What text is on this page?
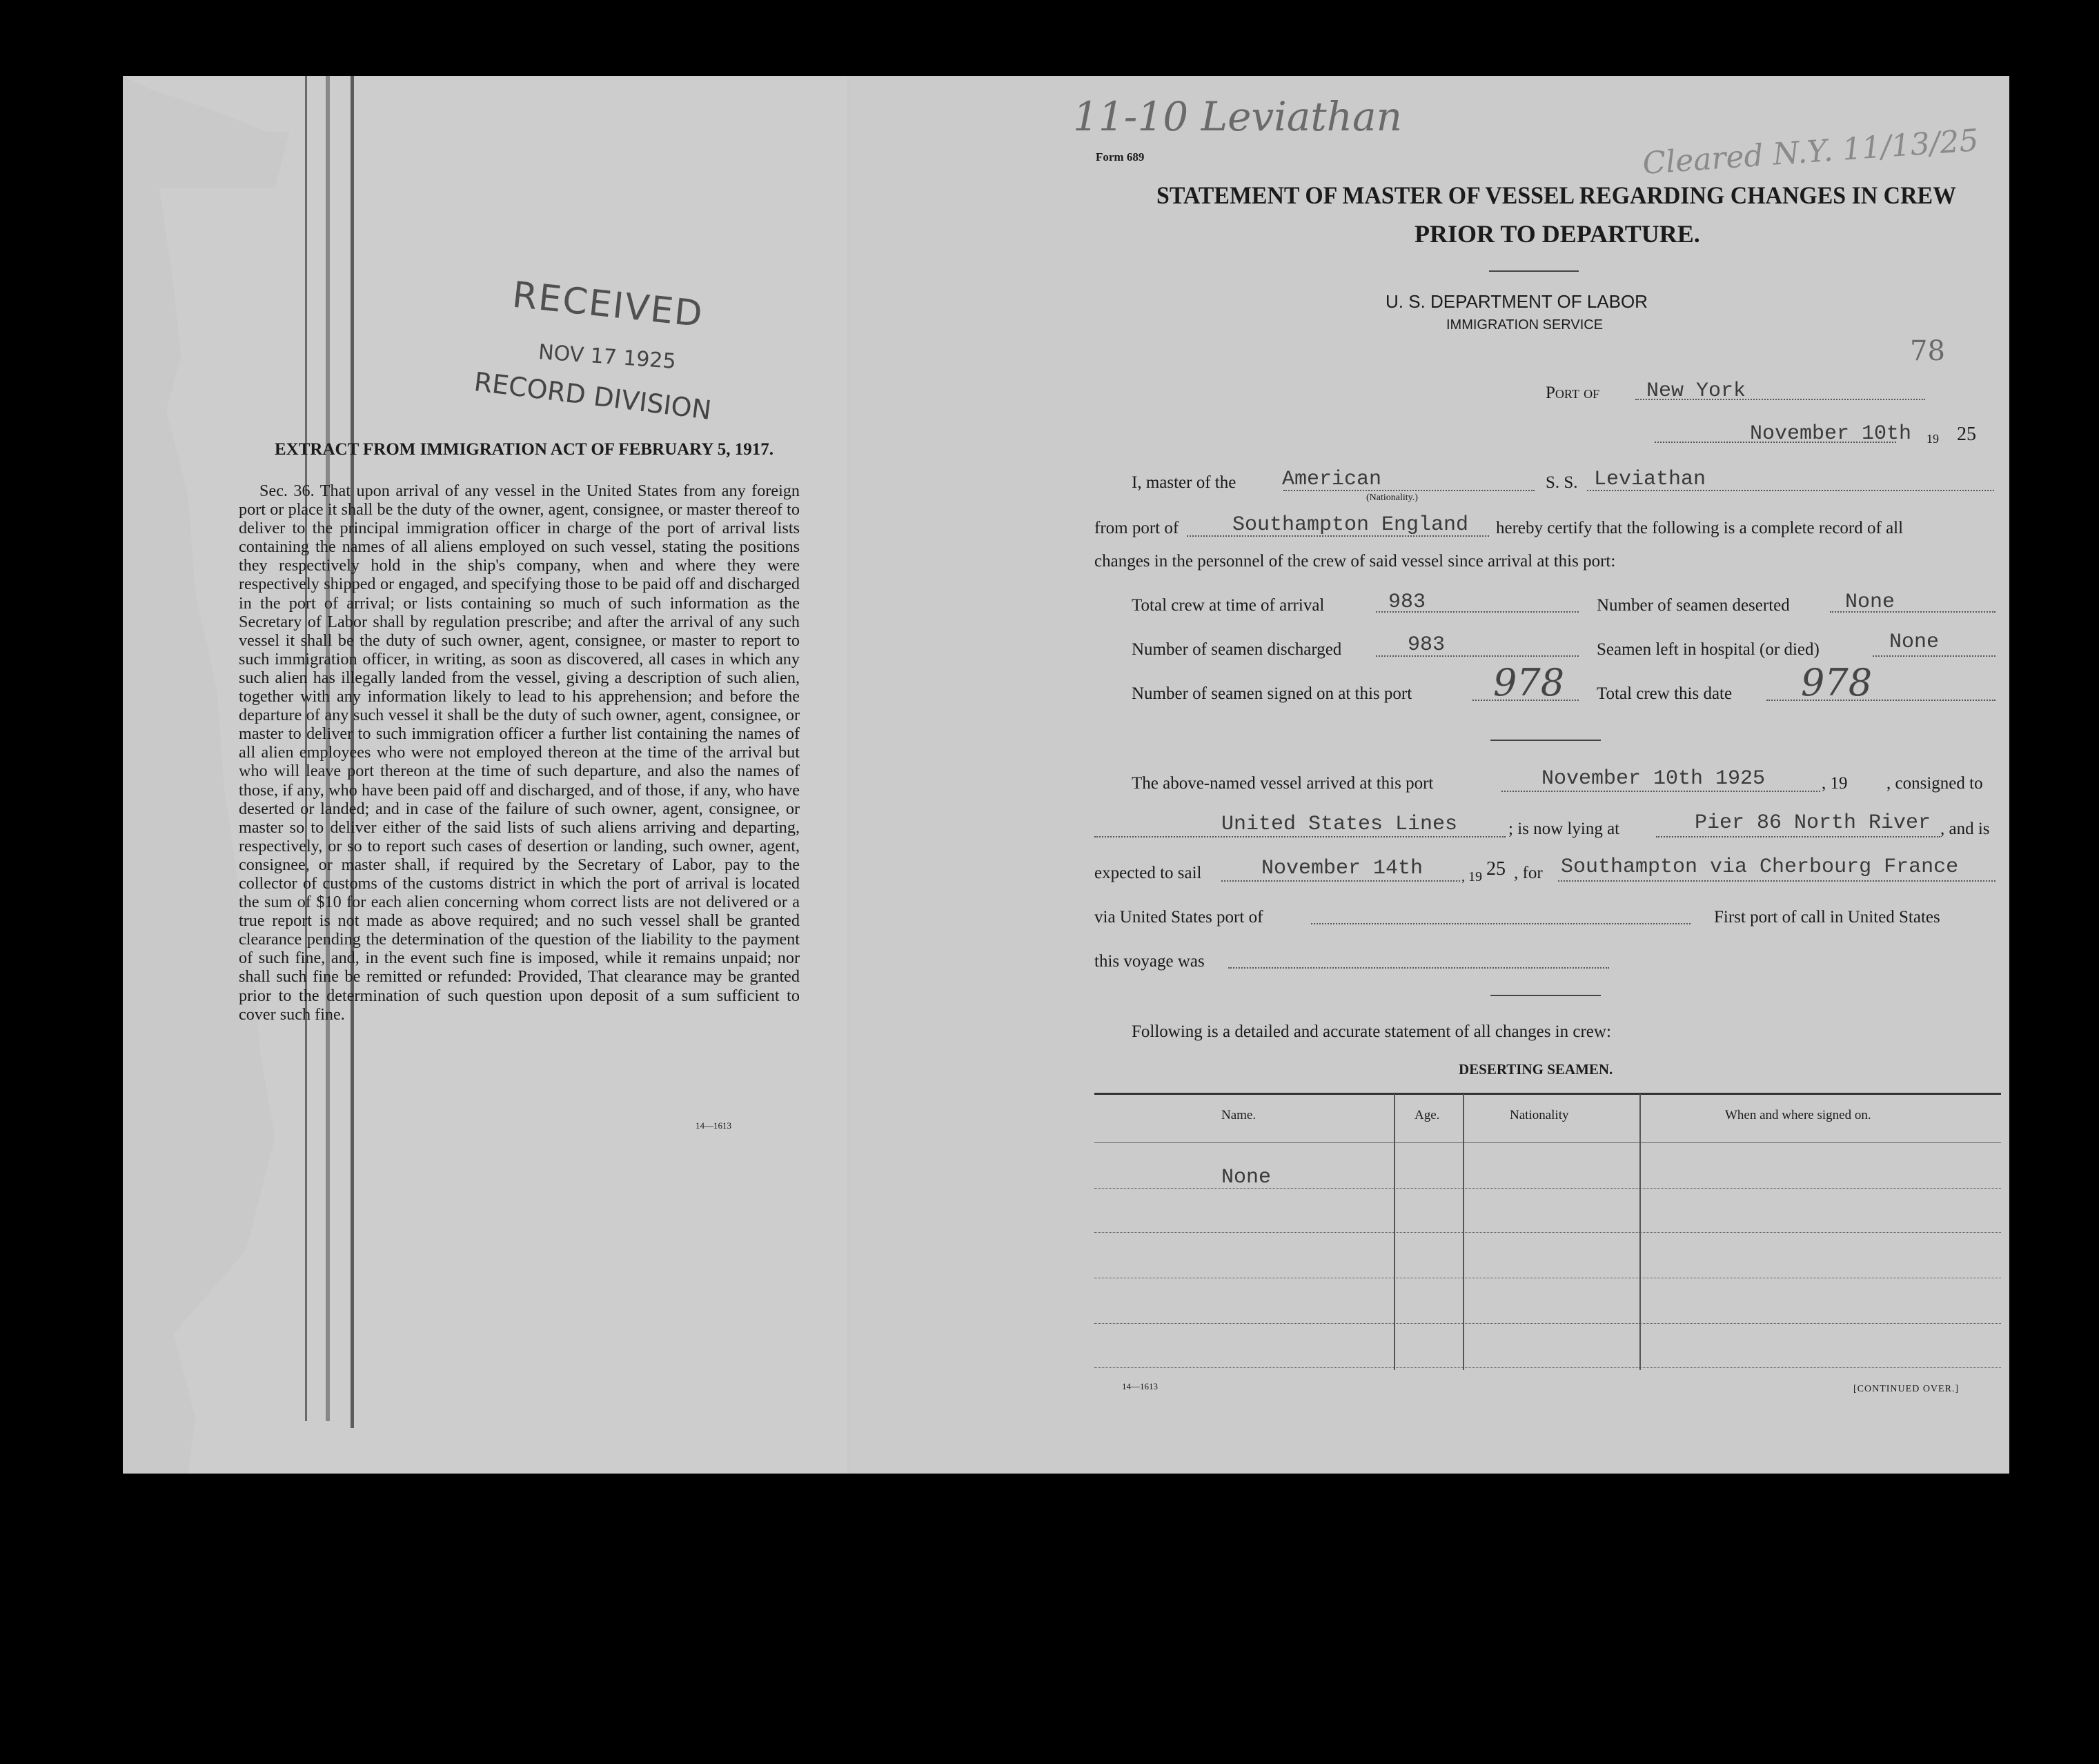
11-10 Leviathan
Cleared N.Y. 11/13/25
78
RECEIVED
NOV 17 1925
RECORD DIVISION
EXTRACT FROM IMMIGRATION ACT OF FEBRUARY 5, 1917.

Sec. 36. That upon arrival of any vessel in the United States from any foreign port or place it shall be the duty of the owner, agent, consignee, or master thereof to deliver to the principal immigration officer in charge of the port of arrival lists containing the names of all aliens employed on such vessel, stating the positions they respectively hold in the ship's company, when and where they were respectively shipped or engaged, and specifying those to be paid off and discharged in the port of arrival; or lists containing so much of such information as the Secretary of Labor shall by regulation prescribe; and after the arrival of any such vessel it shall be the duty of such owner, agent, consignee, or master to report to such immigration officer, in writing, as soon as discovered, all cases in which any such alien has illegally landed from the vessel, giving a description of such alien, together with any information likely to lead to his apprehension; and before the departure of any such vessel it shall be the duty of such owner, agent, consignee, or master to deliver to such immigration officer a further list containing the names of all alien employees who were not employed thereon at the time of the arrival but who will leave port thereon at the time of such departure, and also the names of those, if any, who have been paid off and discharged, and of those, if any, who have deserted or landed; and in case of the failure of such owner, agent, consignee, or master so to deliver either of the said lists of such aliens arriving and departing, respectively, or so to report such cases of desertion or landing, such owner, agent, consignee, or master shall, if required by the Secretary of Labor, pay to the collector of customs of the customs district in which the port of arrival is located the sum of $10 for each alien concerning whom correct lists are not delivered or a true report is not made as above required; and no such vessel shall be granted clearance pending the determination of the question of the liability to the payment of such fine, and, in the event such fine is imposed, while it remains unpaid; nor shall such fine be remitted or refunded: Provided, That clearance may be granted prior to the determination of such question upon deposit of a sum sufficient to cover such fine.

14—1613
Form 689
STATEMENT OF MASTER OF VESSEL REGARDING CHANGES IN CREW
PRIOR TO DEPARTURE.
U. S. DEPARTMENT OF LABOR
IMMIGRATION SERVICE
Port of New York
November 10th 19 25
I, master of the American
(Nationality.)
S. S. Leviathan
from port of	Southampton England hereby certify that the following is a complete record of all
changes in the personnel of the crew of said vessel since arrival at this port:
Total crew at time of arrival	983	Number of seamen deserted	None
Number of seamen discharged	983	Seamen left in hospital (or died)	None
Number of seamen signed on at this port 978 Total crew this date 978
The above-named vessel arrived at this port	November 10th 1925	, 19 , consigned to
United States Lines	; is now lying at	Pier 86 North River , and is
expected to sail	November 14th	, 19 25 , for Southampton via Cherbourg France
via United States port of	First port of call in United States
this voyage was
Following is a detailed and accurate statement of all changes in crew:
DESERTING SEAMEN.
Name.	Age.	Nationality	When and where signed on.
None
14—1613	[CONTINUED OVER.]
